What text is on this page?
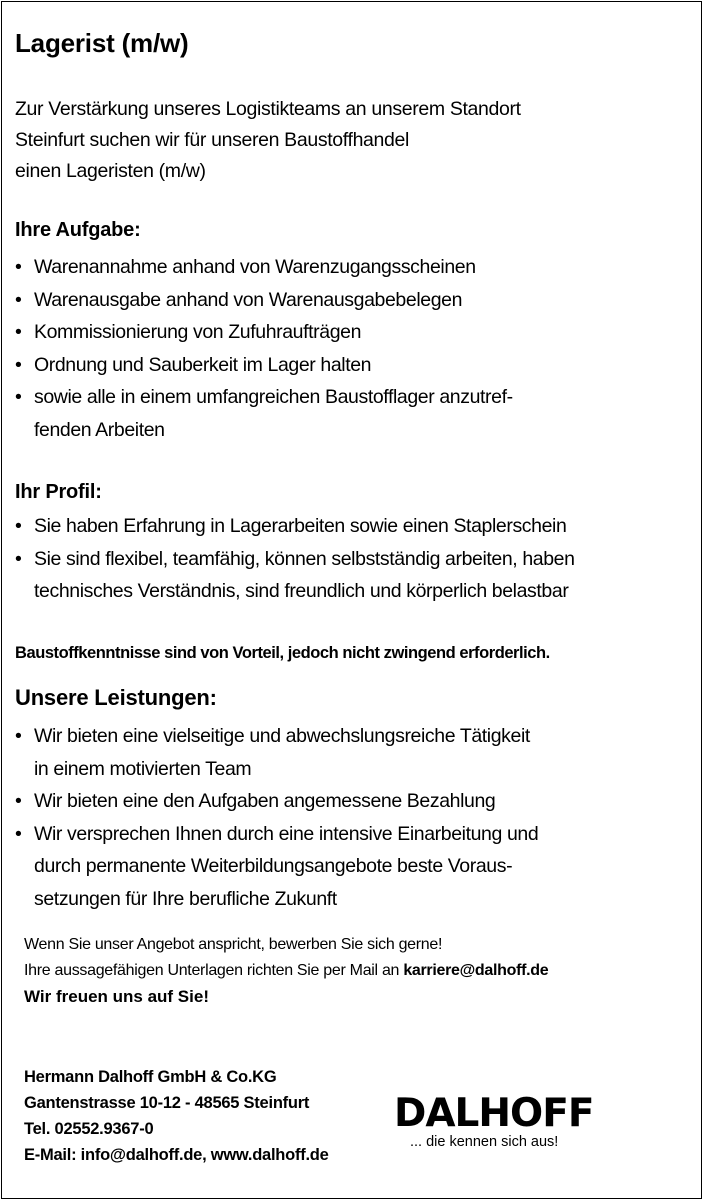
Lagerist (m/w)
Zur Verstärkung unseres Logistikteams an unserem Standort
Steinfurt suchen wir für unseren Baustoffhandel
einen Lageristen (m/w)
Ihre Aufgabe:
• Warenannahme anhand von Warenzugangsscheinen
• Warenausgabe anhand von Warenausgabebelegen
• Kommissionierung von Zufuhraufträgen
• Ordnung und Sauberkeit im Lager halten
• sowie alle in einem umfangreichen Baustofflager anzutref-
fenden Arbeiten
Ihr Profil:
• Sie haben Erfahrung in Lagerarbeiten sowie einen Staplerschein
• Sie sind flexibel, teamfähig, können selbstständig arbeiten, haben
technisches Verständnis, sind freundlich und körperlich belastbar
Baustoffkenntnisse sind von Vorteil, jedoch nicht zwingend erforderlich.
Unsere Leistungen:
• Wir bieten eine vielseitige und abwechslungsreiche Tätigkeit
in einem motivierten Team
• Wir bieten eine den Aufgaben angemessene Bezahlung
• Wir versprechen Ihnen durch eine intensive Einarbeitung und
durch permanente Weiterbildungsangebote beste Voraus-
setzungen für Ihre berufliche Zukunft
Wenn Sie unser Angebot anspricht, bewerben Sie sich gerne!
Ihre aussagefähigen Unterlagen richten Sie per Mail an karriere@dalhoff.de
Wir freuen uns auf Sie!
Hermann Dalhoff GmbH & Co.KG
Gantenstrasse 10-12 - 48565 Steinfurt
Tel. 02552.9367-0
E-Mail: info@dalhoff.de, www.dalhoff.de
DALHOFF
... die kennen sich aus!
